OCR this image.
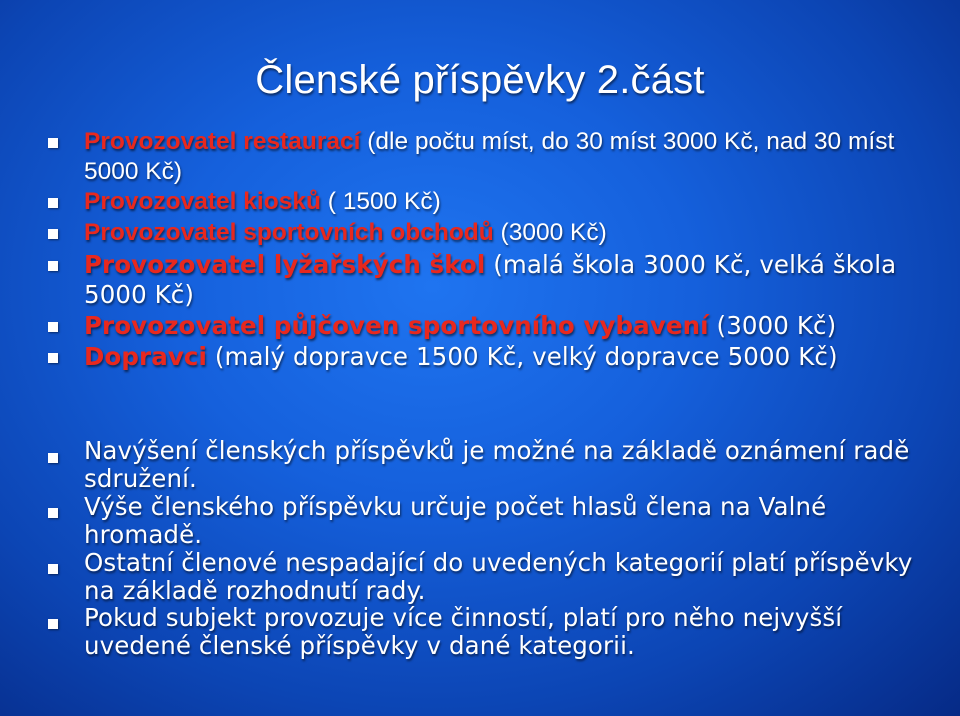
Členské příspěvky 2.část
Provozovatel restaurací (dle počtu míst, do 30 míst 3000 Kč, nad 30 míst 5000 Kč)
Provozovatel kiosků ( 1500 Kč)
Provozovatel sportovních obchodů (3000 Kč)
Provozovatel lyžařských škol (malá škola 3000 Kč, velká škola 5000 Kč)
Provozovatel půjčoven sportovního vybavení (3000 Kč)
Dopravci (malý dopravce 1500 Kč, velký dopravce 5000 Kč)
Navýšení členských příspěvků je možné na základě oznámení radě sdružení.
Výše členského příspěvku určuje počet hlasů člena na Valné hromadě.
Ostatní členové nespadající do uvedených kategorií platí příspěvky na základě rozhodnutí rady.
Pokud subjekt provozuje více činností, platí pro něho nejvyšší uvedené členské příspěvky v dané kategorii.
